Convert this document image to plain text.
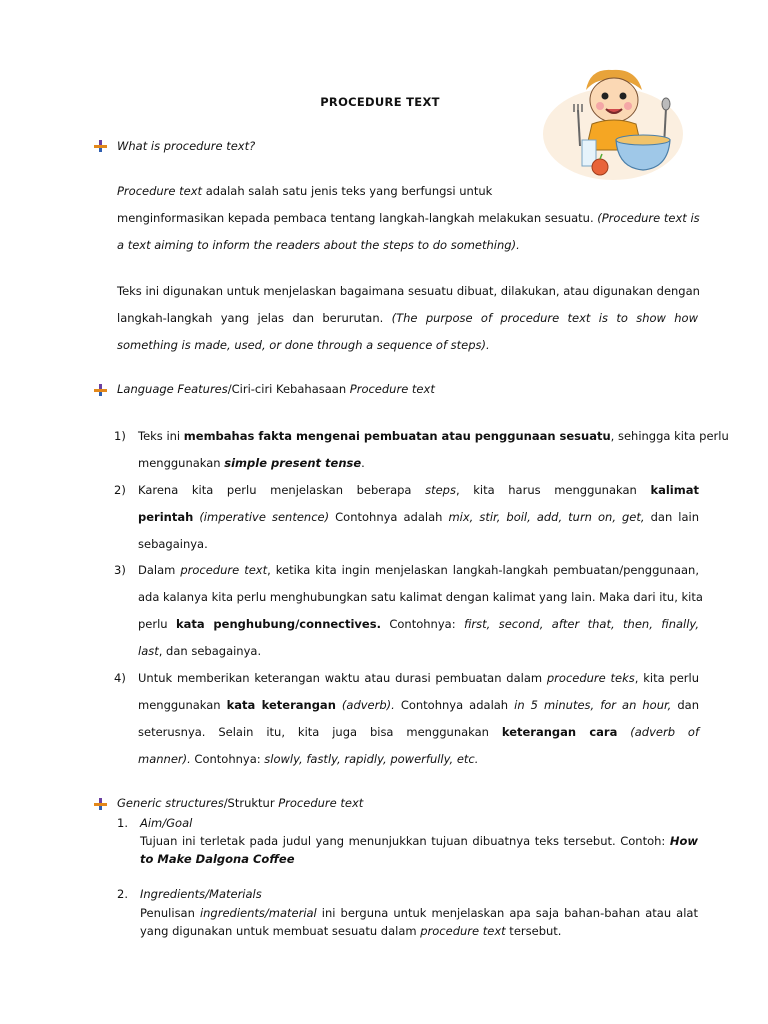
PROCEDURE TEXT
What is procedure text?
Procedure text adalah salah satu jenis teks yang berfungsi untuk
menginformasikan kepada pembaca tentang langkah-langkah melakukan sesuatu. (Procedure text is
a text aiming to inform the readers about the steps to do something).
Teks ini digunakan untuk menjelaskan bagaimana sesuatu dibuat, dilakukan, atau digunakan dengan
langkah-langkah yang jelas dan berurutan. (The purpose of procedure text is to show how
something is made, used, or done through a sequence of steps).
Language Features/Ciri-ciri Kebahasaan Procedure text
1)	Teks ini membahas fakta mengenai pembuatan atau penggunaan sesuatu, sehingga kita perlu
menggunakan simple present tense.
2)	Karena kita perlu menjelaskan beberapa steps, kita harus menggunakan kalimat
perintah (imperative sentence) Contohnya adalah mix, stir, boil, add, turn on, get, dan lain
sebagainya.
3)	Dalam procedure text, ketika kita ingin menjelaskan langkah-langkah pembuatan/penggunaan,
ada kalanya kita perlu menghubungkan satu kalimat dengan kalimat yang lain. Maka dari itu, kita
perlu kata penghubung/connectives. Contohnya: first, second, after that, then, finally,
last, dan sebagainya.
4)	Untuk memberikan keterangan waktu atau durasi pembuatan dalam procedure teks, kita perlu
menggunakan kata keterangan (adverb). Contohnya adalah in 5 minutes, for an hour, dan
seterusnya. Selain itu, kita juga bisa menggunakan keterangan cara (adverb of
manner). Contohnya: slowly, fastly, rapidly, powerfully, etc.
Generic structures/Struktur Procedure text
1. Aim/Goal
Tujuan ini terletak pada judul yang menunjukkan tujuan dibuatnya teks tersebut. Contoh: How
to Make Dalgona Coffee
2. Ingredients/Materials
Penulisan ingredients/material ini berguna untuk menjelaskan apa saja bahan-bahan atau alat
yang digunakan untuk membuat sesuatu dalam procedure text tersebut.
